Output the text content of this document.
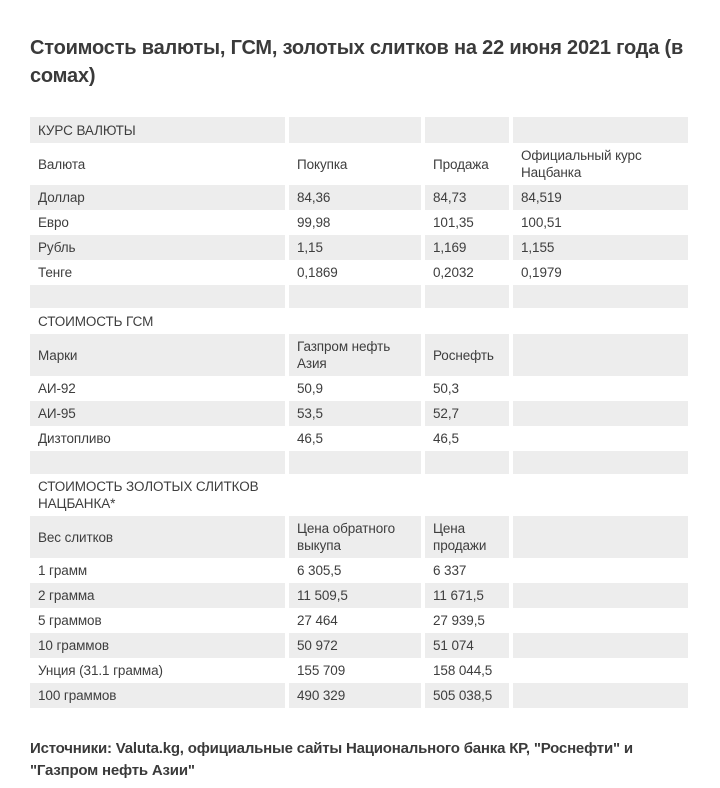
Стоимость валюты, ГСМ, золотых слитков на 22 июня 2021 года (в сомах)
КУРС ВАЛЮТЫ			
Валюта	Покупка	Продажа	Официальный курс Нацбанка
Доллар	84,36	84,73	84,519
Евро	99,98	101,35	100,51
Рубль	1,15	1,169	1,155
Тенге	0,1869	0,2032	0,1979

СТОИМОСТЬ ГСМ			
Марки	Газпром нефть Азия	Роснефть	
АИ-92	50,9	50,3	
АИ-95	53,5	52,7	
Дизтопливо	46,5	46,5	

СТОИМОСТЬ ЗОЛОТЫХ СЛИТКОВ НАЦБАНКА*			
Вес слитков	Цена обратного выкупа	Цена продажи	
1 грамм	6 305,5	6 337	
2 грамма	11 509,5	11 671,5	
5 граммов	27 464	27 939,5	
10 граммов	50 972	51 074	
Унция (31.1 грамма)	155 709	158 044,5	
100 граммов	490 329	505 038,5	

Источники: Valuta.kg, официальные сайты Национального банка КР, "Роснефти" и "Газпром нефть Азии"
